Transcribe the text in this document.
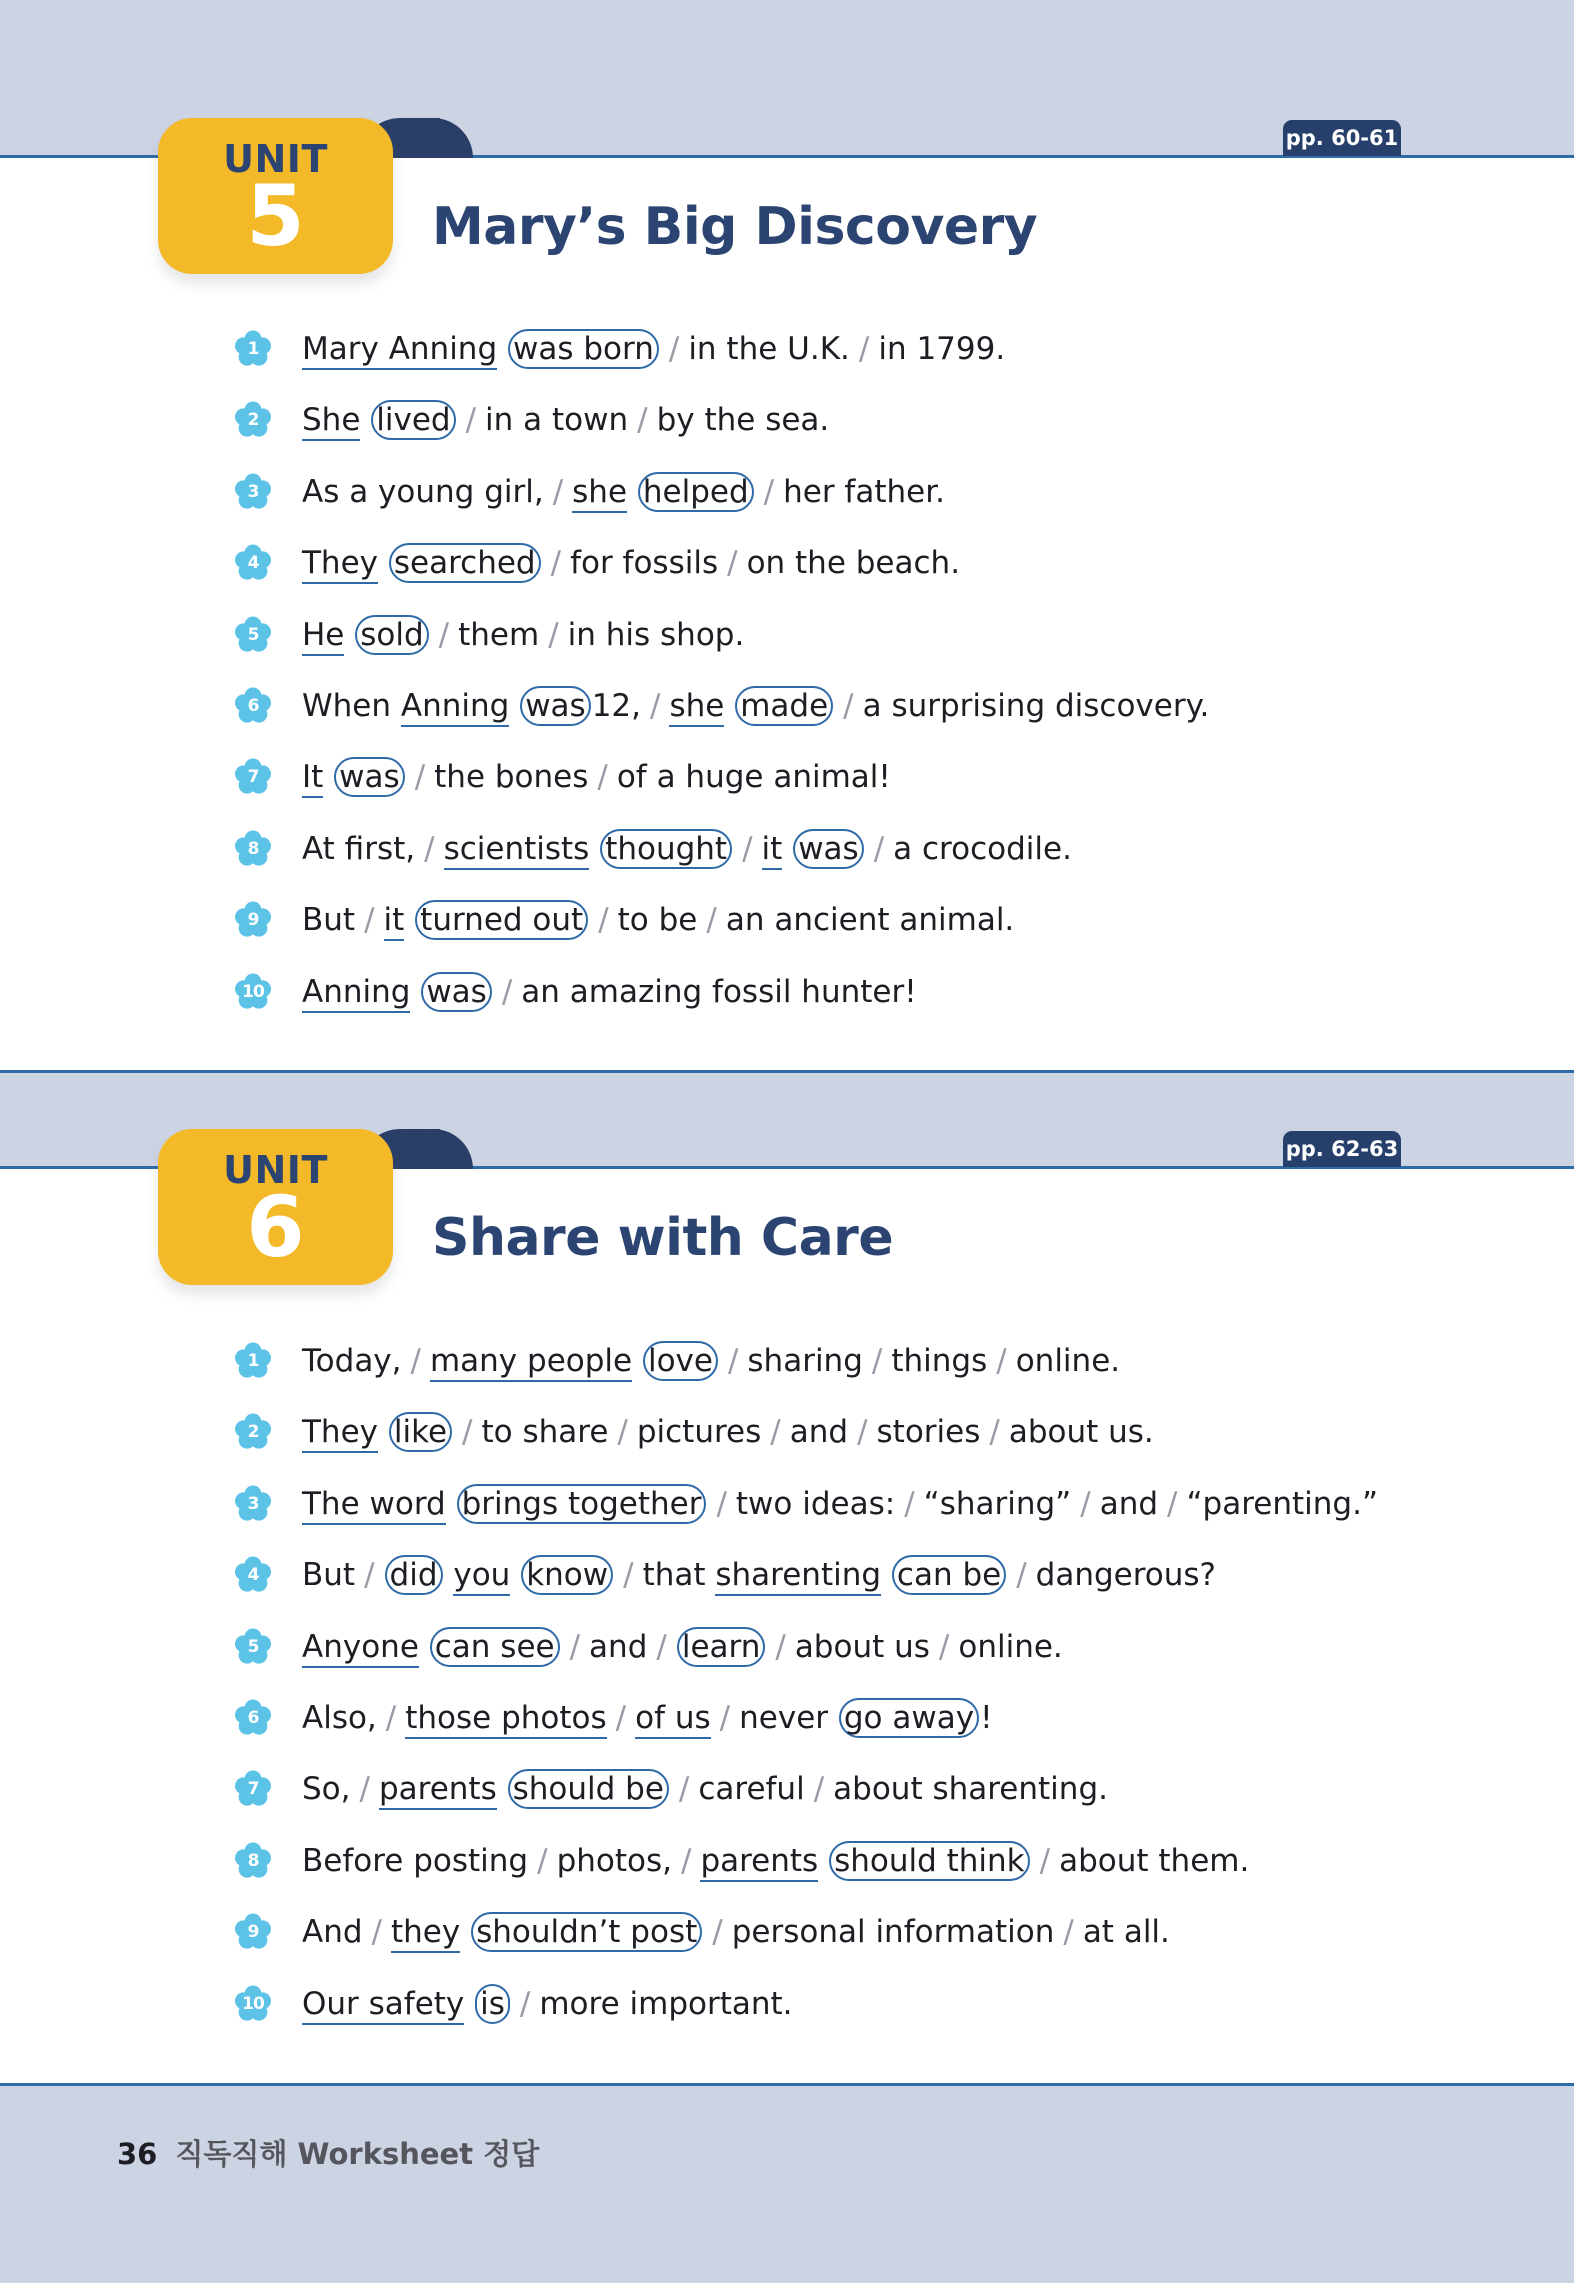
UNIT
5
pp. 60-61
Mary’s Big Discovery
1	Mary Anning was born / in the U.K. / in 1799.
2	She lived / in a town / by the sea.
3	As a young girl, / she helped / her father.
4	They searched / for fossils / on the beach.
5	He sold / them / in his shop.
6	When Anning was 12, / she made / a surprising discovery.
7	It was / the bones / of a huge animal!
8	At first, / scientists thought / it was / a crocodile.
9	But / it turned out / to be / an ancient animal.
10 Anning was / an amazing fossil hunter!
UNIT
6
pp. 62-63
Share with Care
1	Today, / many people love / sharing / things / online.
2	They like / to share / pictures / and / stories / about us.
3	The word brings together / two ideas: / “sharing” / and / “parenting.”
4	But / did you know / that sharenting can be / dangerous?
5	Anyone can see / and / learn / about us / online.
6	Also, / those photos / of us / never go away !
7	So, / parents should be / careful / about sharenting.
8	Before posting / photos, / parents should think / about them.
9	And / they shouldn’t post / personal information / at all.
10 Our safety is / more important.
36 직독직해 Worksheet 정답
